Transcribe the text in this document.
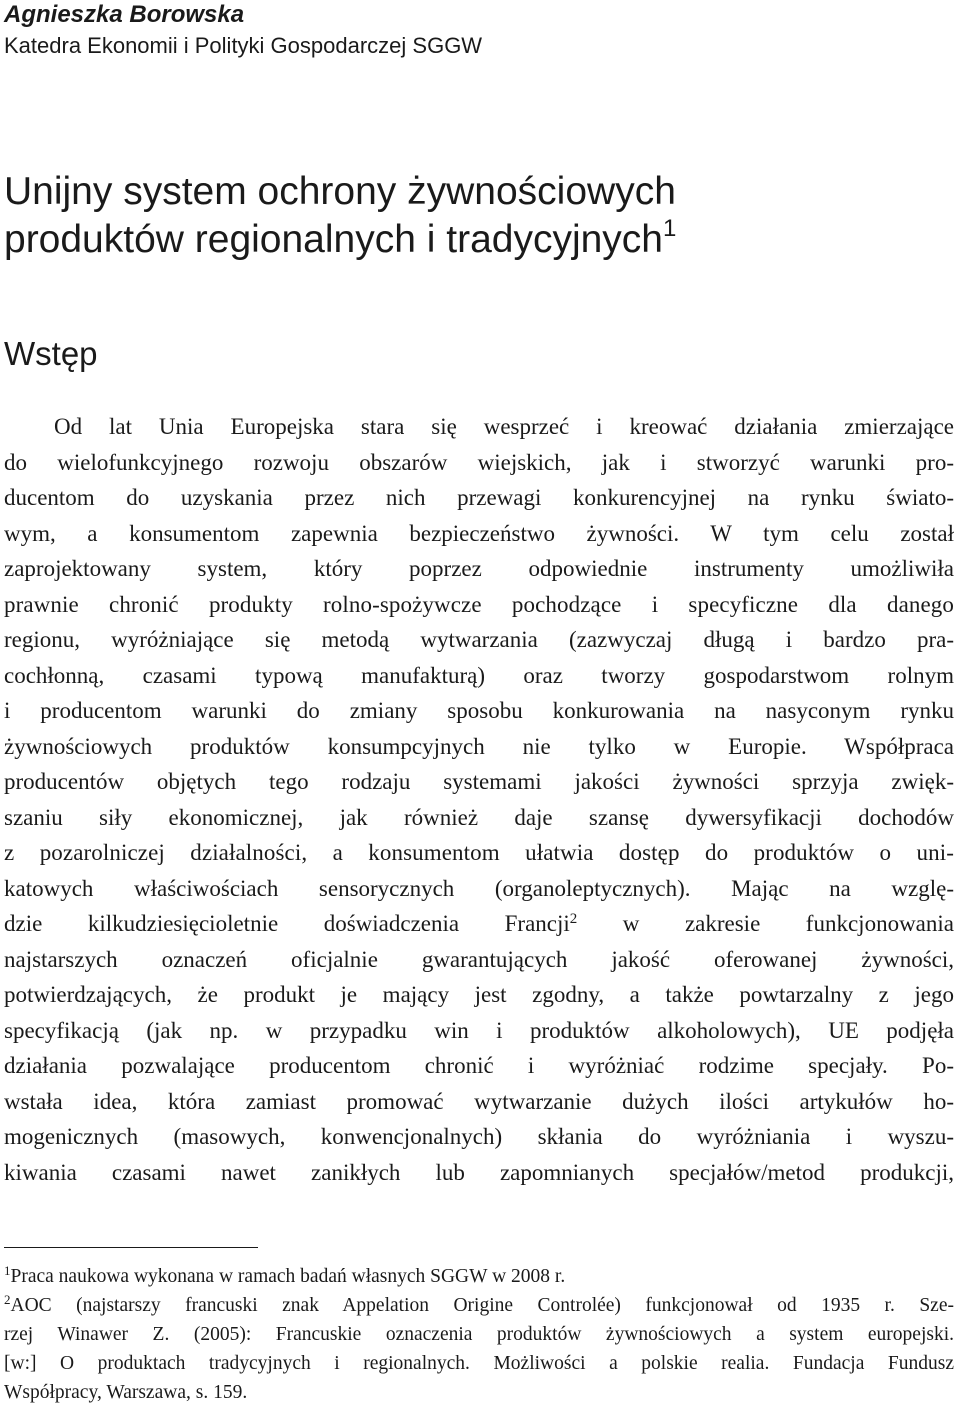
Agnieszka Borowska
Katedra Ekonomii i Polityki Gospodarczej SGGW
Unijny system ochrony żywnościowych
produktów regionalnych i tradycyjnych$^1$
Wstęp
Od lat Unia Europejska stara się wesprzeć i kreować działania zmierzające
do wielofunkcyjnego rozwoju obszarów wiejskich, jak i stworzyć warunki pro-
ducentom do uzyskania przez nich przewagi konkurencyjnej na rynku świato-
wym, a konsumentom zapewnia bezpieczeństwo żywności. W tym celu został
zaprojektowany system, który poprzez odpowiednie instrumenty umożliwiła
prawnie chronić produkty rolno-spożywcze pochodzące i specyficzne dla danego
regionu, wyróżniające się metodą wytwarzania (zazwyczaj długą i bardzo pra-
cochłonną, czasami typową manufakturą) oraz tworzy gospodarstwom rolnym
i producentom warunki do zmiany sposobu konkurowania na nasyconym rynku
żywnościowych produktów konsumpcyjnych nie tylko w Europie. Współpraca
producentów objętych tego rodzaju systemami jakości żywności sprzyja zwięk-
szaniu siły ekonomicznej, jak również daje szansę dywersyfikacji dochodów
z pozarolniczej działalności, a konsumentom ułatwia dostęp do produktów o uni-
katowych właściwościach sensorycznych (organoleptycznych). Mając na wzglę-
dzie kilkudziesięcioletnie doświadczenia Francji$^2$ w zakresie funkcjonowania
najstarszych oznaczeń oficjalnie gwarantujących jakość oferowanej żywności,
potwierdzających, że produkt je mający jest zgodny, a także powtarzalny z jego
specyfikacją (jak np. w przypadku win i produktów alkoholowych), UE podjęła
działania pozwalające producentom chronić i wyróżniać rodzime specjały. Po-
wstała idea, która zamiast promować wytwarzanie dużych ilości artykułów ho-
mogenicznych (masowych, konwencjonalnych) skłania do wyróżniania i wyszu-
kiwania czasami nawet zanikłych lub zapomnianych specjałów/metod produkcji,
$^1$Praca naukowa wykonana w ramach badań własnych SGGW w 2008 r.
$^2$AOC (najstarszy francuski znak Appelation Origine Controlée) funkcjonował od 1935 r. Sze-
rzej Winawer Z. (2005): Francuskie oznaczenia produktów żywnościowych a system europejski.
[w:] O produktach tradycyjnych i regionalnych. Możliwości a polskie realia. Fundacja Fundusz
Współpracy, Warszawa, s. 159.
